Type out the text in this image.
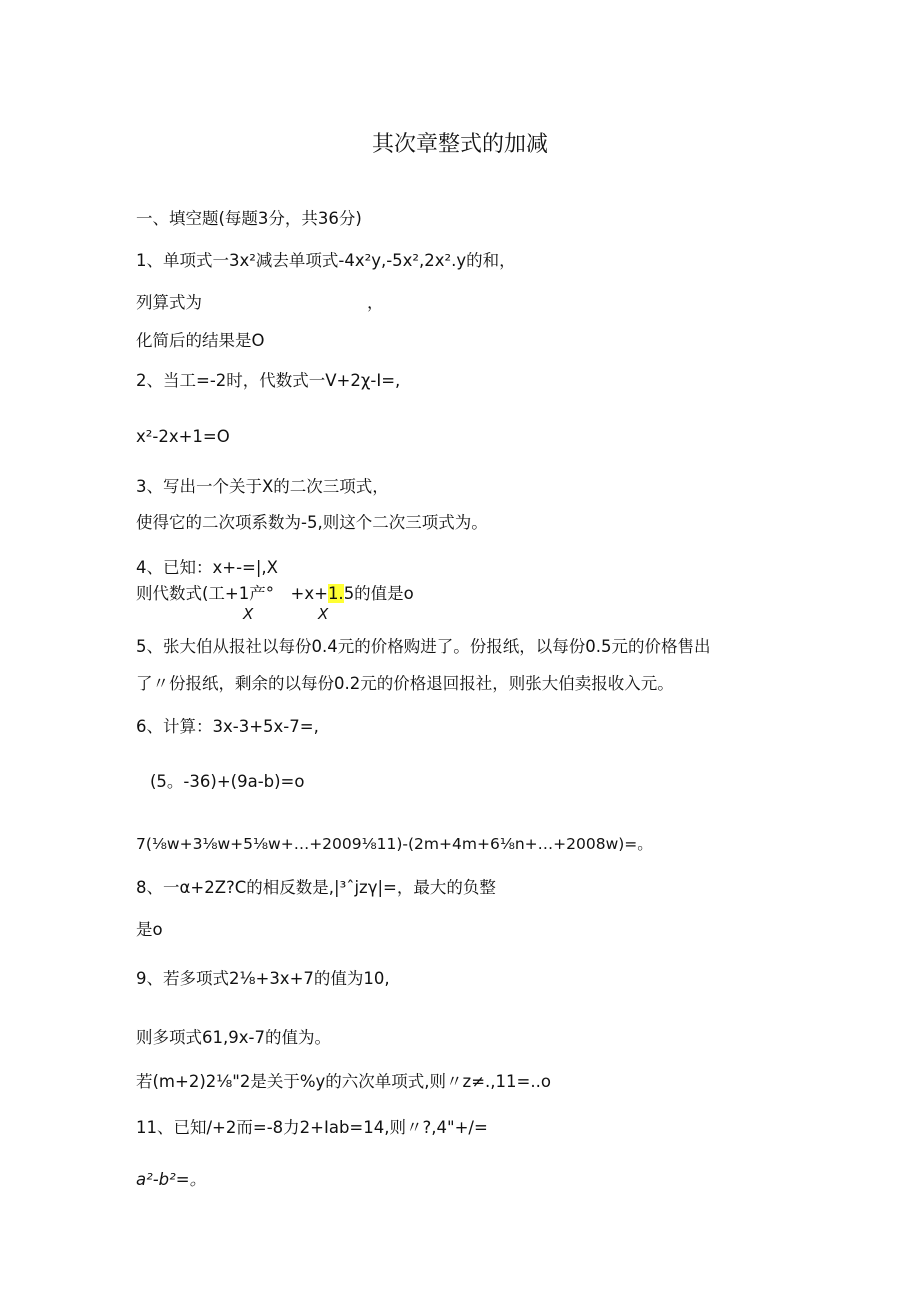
其次章整式的加减
一、填空题(每题3分，共36分)
1、单项式一3x²减去单项式-4x²y,-5x²,2x².y的和，
列算式为　　　　　　　　　　，
化简后的结果是O
2、当工=-2时，代数式一V+2χ-I=,
x²-2x+1=O
3、写出一个关于X的二次三项式，
使得它的二次项系数为-5,则这个二次三项式为。
4、已知：x+-=|,X
则代数式(工+1产°　+x+1.5的值是o
X	X
5、张大伯从报社以每份0.4元的价格购进了。份报纸，以每份0.5元的价格售出
了〃份报纸，剩余的以每份0.2元的价格退回报社，则张大伯卖报收入元。
6、计算：3x-3+5x-7=,
(5。-36)+(9a-b)=o
7(⅛w+3⅛w+5⅛w+…+2009⅛11)-(2m+4m+6⅛n+…+2008w)=。
8、一α+2Z?C的相反数是,|³ˆjzγ|=，最大的负整
是o
9、若多项式2⅛+3x+7的值为10,
则多项式61,9x-7的值为。
若(m+2)2⅛"2是关于%y的六次单项式,则〃z≠.,11=..o
11、已知/+2而=-8力2+Iab=14,则〃?,4"+/=
a²-b²=。
